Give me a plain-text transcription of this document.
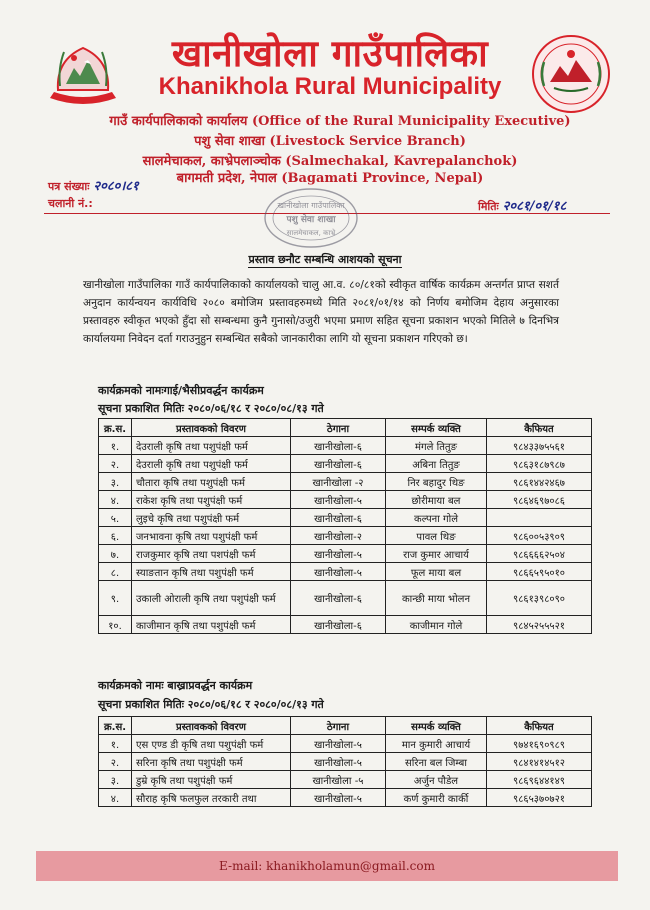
खानीखोला गाउँपालिका
Khanikhola Rural Municipality
गाउँ कार्यपालिकाको कार्यालय (Office of the Rural Municipality Executive)
पशु सेवा शाखा (Livestock Service Branch)
सालमेचाकल, काभ्रेपलाञ्चोक (Salmechakal, Kavrepalanchok)
बागमती प्रदेश, नेपाल (Bagamati Province, Nepal)
पत्र संख्याः २०८०।८१
चलानी नं.:	मितिः २०८१/०१/१८
खानीखोला गाउँपालिका
पशु सेवा शाखा
सालमेचाकल, काभ्रे
प्रस्ताव छनौट सम्बन्धि आशयको सूचना
खानीखोला गाउँपालिका गाउँ कार्यपालिकाको कार्यालयको चालु आ.व. ८०/८१को स्वीकृत वार्षिक कार्यक्रम अन्तर्गत प्राप्त सशर्त अनुदान कार्यन्वयन कार्यविधि २०८० बमोजिम प्रस्तावहरुमध्ये मिति २०८१/०१/१४ को निर्णय बमोजिम देहाय अनुसारका प्रस्तावहरु स्वीकृत भएको हुँदा सो सम्बन्धमा कुनै गुनासो/उजुरी भएमा प्रमाण सहित सूचना प्रकाशन भएको मितिले ७ दिनभित्र कार्यालयमा निवेदन दर्ता गराउनुहुन सम्बन्धित सबैको जानकारीका लागि यो सूचना प्रकाशन गरिएको छ।
कार्यक्रमको नामःगाई/भैसीप्रवर्द्धन कार्यक्रम
सूचना प्रकाशित मितिः २०८०/०६/१८ र २०८०/०८/१३ गते
क्र.स.	प्रस्तावकको विवरण	ठेगाना	सम्पर्क व्यक्ति	कैफियत
१.	देउराली कृषि तथा पशुपंक्षी फर्म	खानीखोला-६	मंगले तितुङ	९८४३३७५५६१
२.	देउराली कृषि तथा पशुपंक्षी फर्म	खानीखोला-६	अबिना तितुङ	९८६३१८७९८७
३.	चौतारा कृषि तथा पशुपंक्षी फर्म	खानीखोला -२	निर बहादुर थिङ	९८६१४४२४६७
४.	राकेश कृषि तथा पशुपंक्षी फर्म	खानीखोला-५	छोरीमाया बल	९८६४६९७०८६
५.	लुइचे कृषि तथा पशुपंक्षी फर्म	खानीखोला-६	कल्पना गोले	
६.	जनभावना कृषि तथा पशुपंक्षी फर्म	खानीखोला-२	पावल थिङ	९८६००५३९०९
७.	राजकुमार कृषि तथा पशपंक्षी फर्म	खानीखोला-५	राज कुमार आचार्य	९८६६६६२५०४
८.	स्याङतान कृषि तथा पशुपंक्षी फर्म	खानीखोला-५	फूल माया बल	९८६६५९५०१०
९.	उकाली ओराली कृषि तथा पशुपंक्षी फर्म	खानीखोला-६	कान्छी माया भोलन	९८६१३९८०९०
१०.	काजीमान कृषि तथा पशुपंक्षी फर्म	खानीखोला-६	काजीमान गोले	९८४५२५५५२१
कार्यक्रमको नामः बाख्राप्रवर्द्धन कार्यक्रम
सूचना प्रकाशित मितिः २०८०/०६/१८ र २०८०/०८/१३ गते
क्र.स.	प्रस्तावकको विवरण	ठेगाना	सम्पर्क व्यक्ति	कैफियत
१.	एस एण्ड डी कृषि तथा पशुपंक्षी फर्म	खानीखोला-५	मान कुमारी आचार्य	९७४१६९०९८९
२.	सरिना कृषि तथा पशुपंक्षी फर्म	खानीखोला-५	सरिना बल जिम्बा	९८४१४१४५१२
३.	डुम्रे कृषि तथा पशुपंक्षी फर्म	खानीखोला -५	अर्जुन पौडेल	९८६९६४४१४९
४.	सौराह कृषि फलफुल तरकारी तथा	खानीखोला-५	कर्ण कुमारी कार्की	९८६५३७०७२१
E-mail: khanikholamun@gmail.com
